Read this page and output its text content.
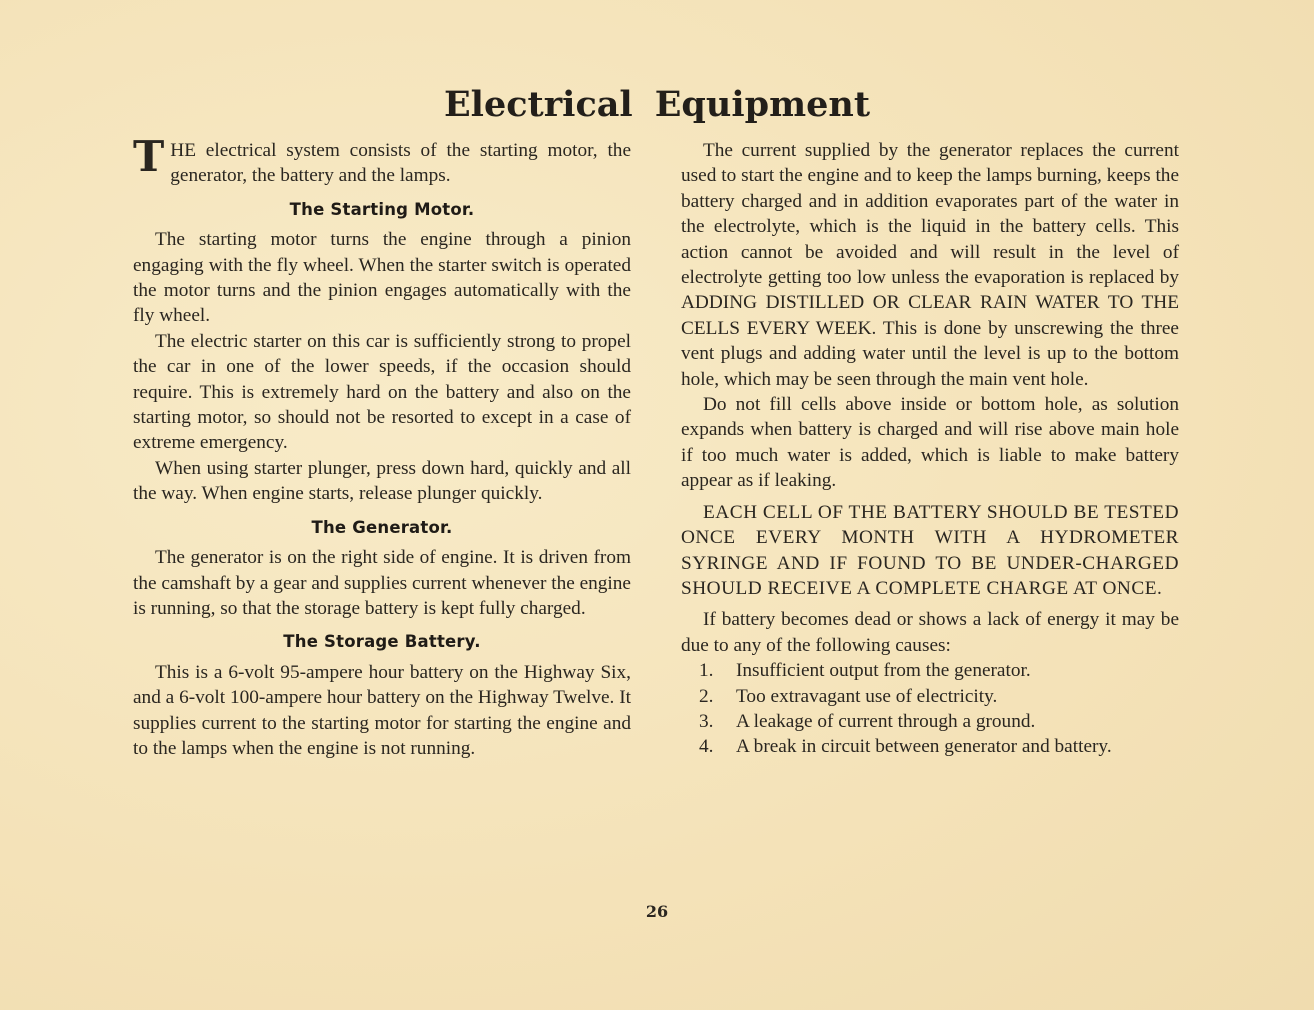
Electrical Equipment

THE electrical system consists of the starting motor, the generator, the battery and the lamps.

The Starting Motor.

The starting motor turns the engine through a pinion engaging with the fly wheel. When the starter switch is operated the motor turns and the pinion engages automatically with the fly wheel.

The electric starter on this car is sufficiently strong to propel the car in one of the lower speeds, if the occasion should require. This is extremely hard on the battery and also on the starting motor, so should not be resorted to except in a case of extreme emergency.

When using starter plunger, press down hard, quickly and all the way. When engine starts, release plunger quickly.

The Generator.

The generator is on the right side of engine. It is driven from the camshaft by a gear and supplies current whenever the engine is running, so that the storage battery is kept fully charged.

The Storage Battery.

This is a 6-volt 95-ampere hour battery on the Highway Six, and a 6-volt 100-ampere hour battery on the Highway Twelve. It supplies current to the starting motor for starting the engine and to the lamps when the engine is not running.

The current supplied by the generator replaces the current used to start the engine and to keep the lamps burning, keeps the battery charged and in addition evaporates part of the water in the electrolyte, which is the liquid in the battery cells. This action cannot be avoided and will result in the level of electrolyte getting too low unless the evaporation is replaced by ADDING DISTILLED OR CLEAR RAIN WATER TO THE CELLS EVERY WEEK. This is done by unscrewing the three vent plugs and adding water until the level is up to the bottom hole, which may be seen through the main vent hole.

Do not fill cells above inside or bottom hole, as solution expands when battery is charged and will rise above main hole if too much water is added, which is liable to make battery appear as if leaking.

EACH CELL OF THE BATTERY SHOULD BE TESTED ONCE EVERY MONTH WITH A HYDROMETER SYRINGE AND IF FOUND TO BE UNDER-CHARGED SHOULD RECEIVE A COMPLETE CHARGE AT ONCE.

If battery becomes dead or shows a lack of energy it may be due to any of the following causes:

1. Insufficient output from the generator.
2. Too extravagant use of electricity.
3. A leakage of current through a ground.
4. A break in circuit between generator and battery.
26
